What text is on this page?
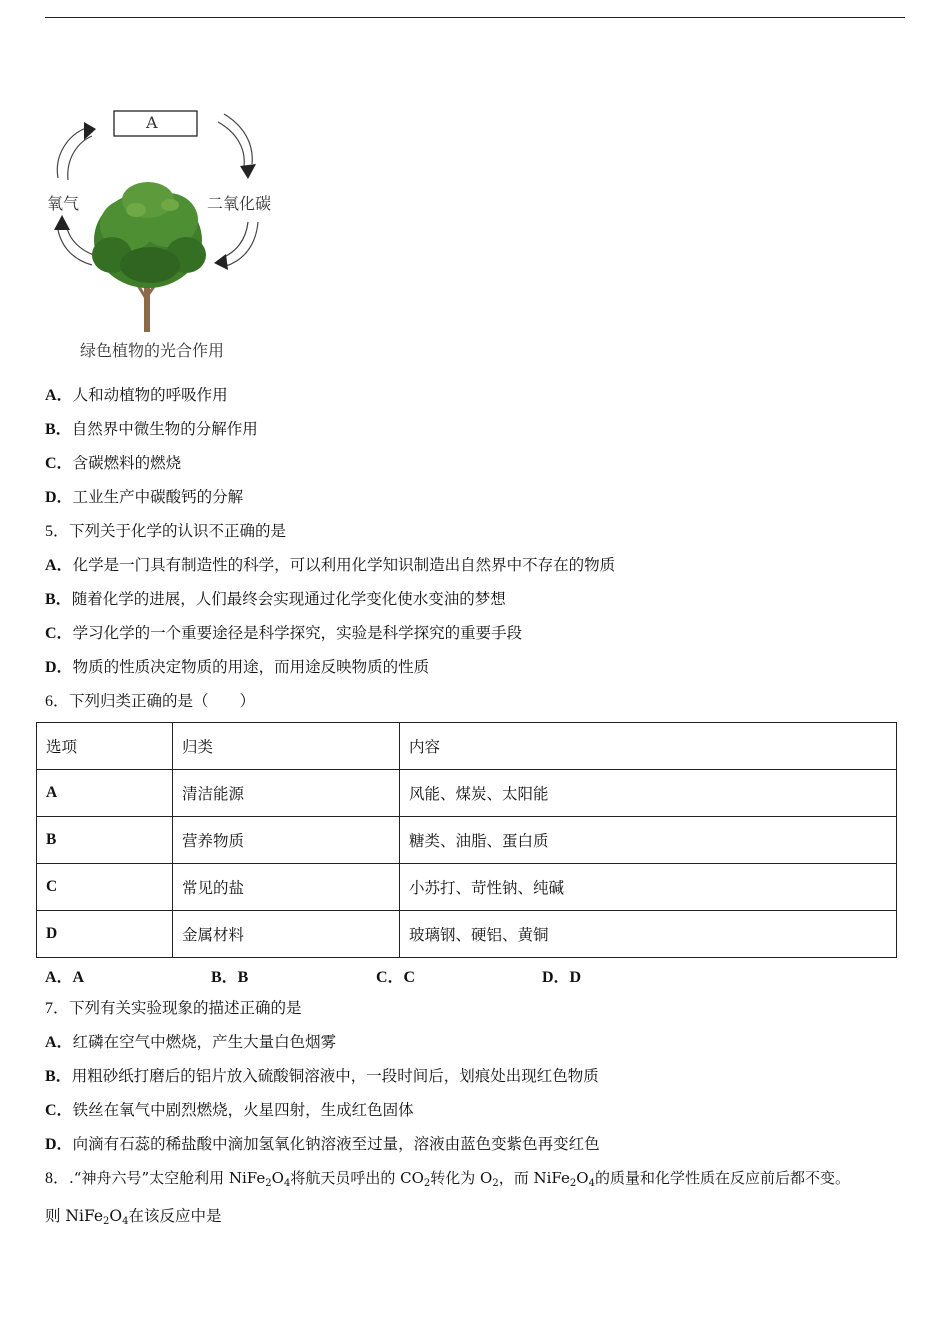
A
氧气	二氧化碳
绿色植物的光合作用
A．人和动植物的呼吸作用
B．自然界中微生物的分解作用
C．含碳燃料的燃烧
D．工业生产中碳酸钙的分解
5．下列关于化学的认识不正确的是
A．化学是一门具有制造性的科学，可以利用化学知识制造出自然界中不存在的物质
B．随着化学的进展，人们最终会实现通过化学变化使水变油的梦想
C．学习化学的一个重要途径是科学探究，实验是科学探究的重要手段
D．物质的性质决定物质的用途，而用途反映物质的性质
6．下列归类正确的是（　　）
选项	归类	内容
A	清洁能源	风能、煤炭、太阳能
B	营养物质	糖类、油脂、蛋白质
C	常见的盐	小苏打、苛性钠、纯碱
D	金属材料	玻璃钢、硬铝、黄铜
A．A	B．B	C．C	D．D
7．下列有关实验现象的描述正确的是
A．红磷在空气中燃烧，产生大量白色烟雾
B．用粗砂纸打磨后的铝片放入硫酸铜溶液中，一段时间后，划痕处出现红色物质
C．铁丝在氧气中剧烈燃烧，火星四射，生成红色固体
D．向滴有石蕊的稀盐酸中滴加氢氧化钠溶液至过量，溶液由蓝色变紫色再变红色
8．.“神舟六号”太空舱利用 $NiFe_2O_4$将航天员呼出的 $CO_2$转化为 $O_2$，而 $NiFe_2O_4$的质量和化学性质在反应前后都不变。
则 $NiFe_2O_4$在该反应中是
